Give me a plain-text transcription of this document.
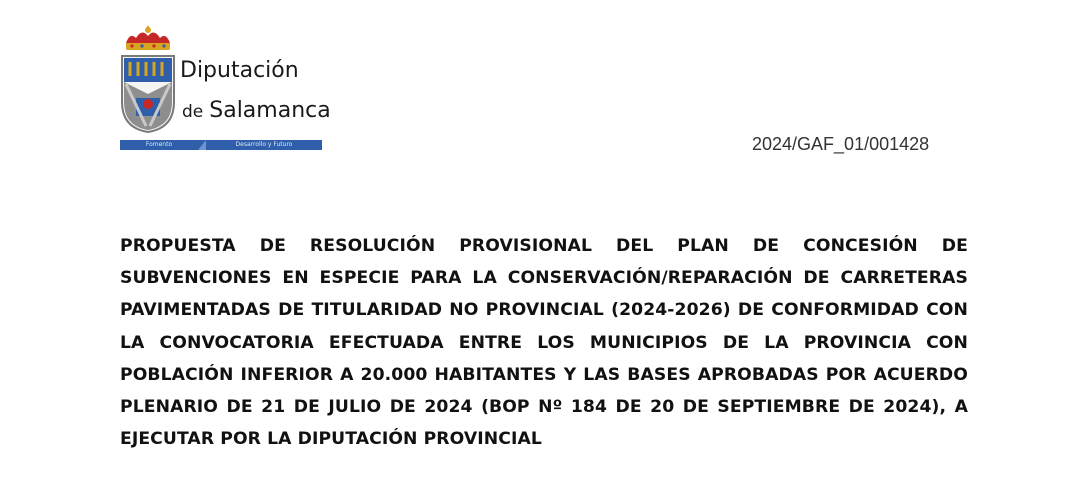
Diputación
de Salamanca
Fomento	Desarrollo y Futuro	2024/GAF_01/001428

PROPUESTA DE RESOLUCIÓN PROVISIONAL DEL PLAN DE CONCESIÓN DE SUBVENCIONES EN ESPECIE PARA LA CONSERVACIÓN/REPARACIÓN DE CARRETERAS PAVIMENTADAS DE TITULARIDAD NO PROVINCIAL (2024-2026) DE CONFORMIDAD CON LA CONVOCATORIA EFECTUADA ENTRE LOS MUNICIPIOS DE LA PROVINCIA CON POBLACIÓN INFERIOR A 20.000 HABITANTES Y LAS BASES APROBADAS POR ACUERDO PLENARIO DE 21 DE JULIO DE 2024 (BOP Nº 184 DE 20 DE SEPTIEMBRE DE 2024), A EJECUTAR POR LA DIPUTACIÓN PROVINCIAL
